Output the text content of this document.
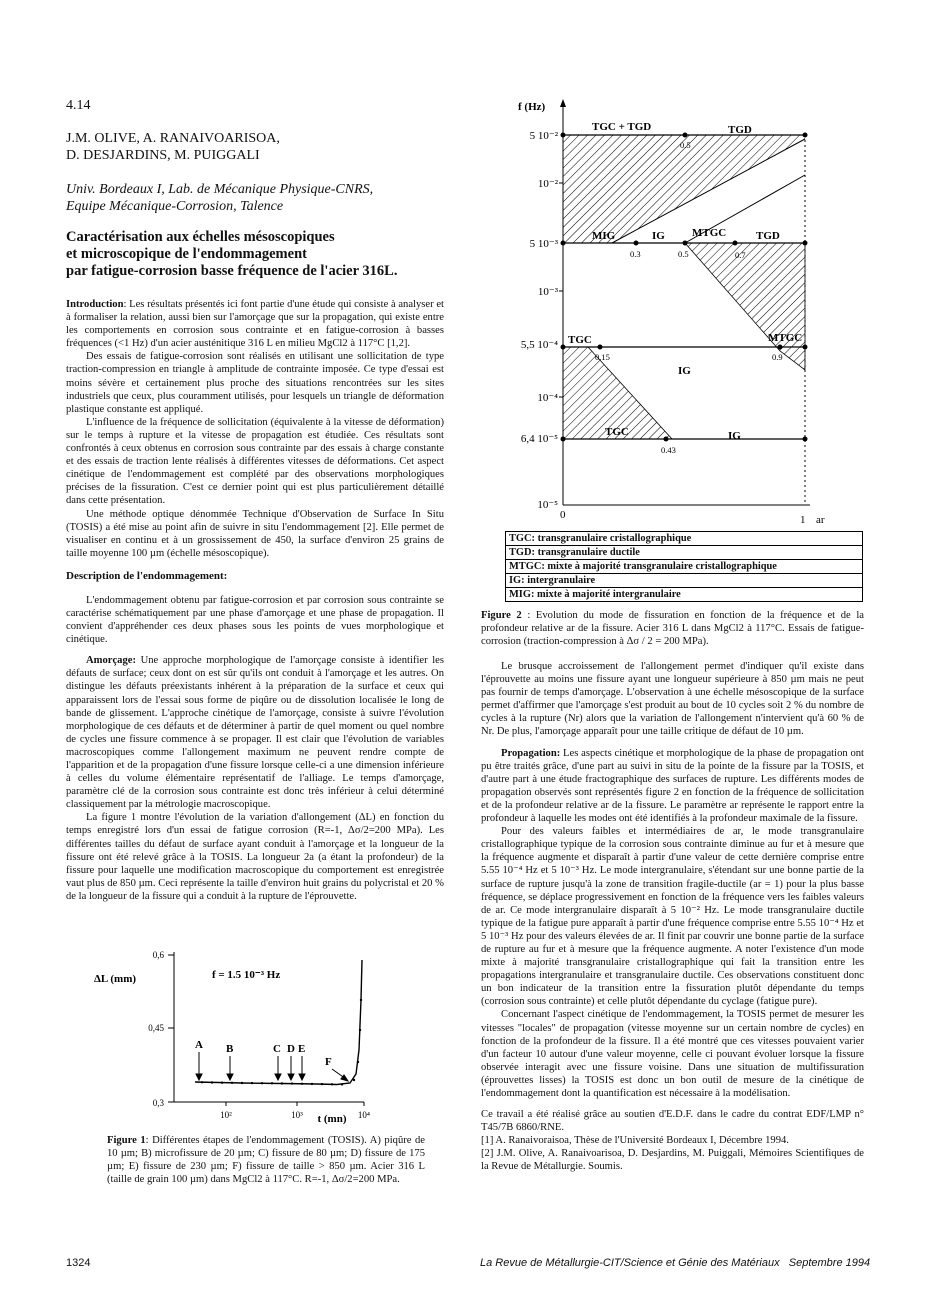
4.14
J.M. OLIVE, A. RANAIVOARISOA,
D. DESJARDINS, M. PUIGGALI
Univ. Bordeaux I, Lab. de Mécanique Physique-CNRS,
Equipe Mécanique-Corrosion, Talence
Caractérisation aux échelles mésoscopiques
et microscopique de l'endommagement
par fatigue-corrosion basse fréquence de l'acier 316L.

Introduction: Les résultats présentés ici font partie d'une étude qui consiste à analyser et à formaliser la relation, aussi bien sur l'amorçage que sur la propagation, qui existe entre les comportements en corrosion sous contrainte et en fatigue-corrosion à basses fréquences (<1 Hz) d'un acier austénitique 316 L en milieu MgCl2 à 117°C [1,2].

Des essais de fatigue-corrosion sont réalisés en utilisant une sollicitation de type traction-compression en triangle à amplitude de contrainte imposée. Ce type d'essai est moins sévère et certainement plus proche des situations rencontrées sur les sites industriels que ceux, plus couramment utilisés, pour lesquels un triangle de déformation plastique constante est appliqué.

L'influence de la fréquence de sollicitation (équivalente à la vitesse de déformation) sur le temps à rupture et la vitesse de propagation est étudiée. Ces résultats sont confrontés à ceux obtenus en corrosion sous contrainte par des essais à charge constante et des essais de traction lente réalisés à différentes vitesses de déformations. Cet aspect cinétique de l'endommagement est complété par des observations morphologiques précises de la fissuration. C'est ce dernier point qui est plus particulièrement détaillé dans cette présentation.

Une méthode optique dénommée Technique d'Observation de Surface In Situ (TOSIS) a été mise au point afin de suivre in situ l'endommagement [2]. Elle permet de visualiser en continu et à un grossissement de 450, la surface d'environ 25 grains de taille moyenne 100 µm (échelle mésoscopique).

Description de l'endommagement:

L'endommagement obtenu par fatigue-corrosion et par corrosion sous contrainte se caractérise schématiquement par une phase d'amorçage et une phase de propagation. Il convient d'appréhender ces deux phases sous les points de vues morphologique et cinétique.

Amorçage: Une approche morphologique de l'amorçage consiste à identifier les défauts de surface; ceux dont on est sûr qu'ils ont conduit à l'amorçage et les autres. On distingue les défauts préexistants inhérent à la préparation de la surface et ceux qui apparaissent lors de l'essai sous forme de piqûre ou de dissolution localisée le long de bande de glissement. L'approche cinétique de l'amorçage, consiste à suivre l'évolution morphologique de ces défauts et de déterminer à partir de quel moment ou quel nombre de cycles une fissure commence à se propager. Il est clair que l'évolution de variables macroscopiques comme l'allongement maximum ne peuvent rendre compte de l'apparition et de la propagation d'une fissure lorsque celle-ci a une dimension inférieure à celles du volume élémentaire représentatif de l'alliage. Le temps d'amorçage, paramètre clé de la corrosion sous contrainte est donc très inférieur à celui déterminé classiquement par la métrologie macroscopique.

La figure 1 montre l'évolution de la variation d'allongement (ΔL) en fonction du temps enregistré lors d'un essai de fatigue corrosion (R=-1, Δσ/2=200 MPa). Les différentes tailles du défaut de surface ayant conduit à l'amorçage et la longueur de la fissure ont été relevé grâce à la TOSIS. La longueur 2a (a étant la profondeur) de la fissure pour laquelle une modification macroscopique du comportement est enregistrée vaut plus de 850 µm. Ceci représente la taille d'environ huit grains du polycristal et 20 % de la longueur de la fissure qui a conduit à la rupture de l'éprouvette.

0,6
0,45
0,3
ΔL (mm)	f = 1.5 10⁻³ Hz
10²	10³	10⁴
t (mn)
A B	C D E
F
Figure 1: Différentes étapes de l'endommagement (TOSIS). A) piqûre de 10 µm; B) microfissure de 20 µm; C) fissure de 80 µm; D) fissure de 175 µm; E) fissure de 230 µm; F) fissure de taille > 850 µm. Acier 316 L (taille de grain 100 µm) dans MgCl2 à 117°C. R=-1, Δσ/2=200 MPa.
f (Hz)
5 10⁻²
10⁻²
5 10⁻³
10⁻³
5,5 10⁻⁴
10⁻⁴
6,4 10⁻⁵
10⁻⁵
TGC + TGD	TGD
MIG	IG MTGC	TGD
TGC
IG
MTGC
TGC	IG
0.5
0.3	0.5	0.7
0.15	0.9
0.43
0	1 ar
TGC: transgranulaire cristallographique
TGD: transgranulaire ductile
MTGC: mixte à majorité transgranulaire cristallographique
IG: intergranulaire
MIG: mixte à majorité intergranulaire
Figure 2 : Evolution du mode de fissuration en fonction de la fréquence et de la profondeur relative ar de la fissure. Acier 316 L dans MgCl2 à 117°C. Essais de fatigue-corrosion (traction-compression à Δσ / 2 = 200 MPa).

Le brusque accroissement de l'allongement permet d'indiquer qu'il existe dans l'éprouvette au moins une fissure ayant une longueur supérieure à 850 µm mais ne peut pas fournir de temps d'amorçage. L'observation à une échelle mésoscopique de la surface permet d'affirmer que l'amorçage s'est produit au bout de 10 cycles soit 2 % du nombre de cycles à la rupture (Nr) alors que la variation de l'allongement n'intervient qu'à 60 % de Nr. De plus, l'amorçage apparaît pour une taille critique de défaut de 10 µm.

Propagation: Les aspects cinétique et morphologique de la phase de propagation ont pu être traités grâce, d'une part au suivi in situ de la pointe de la fissure par la TOSIS, et d'autre part à une étude fractographique des surfaces de rupture. Les différents modes de propagation observés sont représentés figure 2 en fonction de la fréquence de sollicitation et de la profondeur relative ar de la fissure. Le paramètre ar représente le rapport entre la profondeur à laquelle les modes ont été identifiés à la profondeur maximale de la fissure.

Pour des valeurs faibles et intermédiaires de ar, le mode transgranulaire cristallographique typique de la corrosion sous contrainte diminue au fur et à mesure que la fréquence augmente et disparaît à partir d'une valeur de cette dernière comprise entre 5.55 10⁻⁴ Hz et 5 10⁻³ Hz. Le mode intergranulaire, s'étendant sur une bonne partie de la surface de rupture jusqu'à la zone de transition fragile-ductile (ar = 1) pour la plus basse fréquence, se déplace progressivement en fonction de la fréquence vers les faibles valeurs de ar. Ce mode intergranulaire disparaît à 5 10⁻² Hz. Le mode transgranulaire ductile typique de la fatigue pure apparaît à partir d'une fréquence comprise entre 5.55 10⁻⁴ Hz et 5 10⁻³ Hz pour des valeurs élevées de ar. Il finit par couvrir une bonne partie de la surface de rupture au fur et à mesure que la fréquence augmente. A noter l'existence d'un mode mixte à majorité transgranulaire cristallographique qui fait la transition entre les propagations intergranulaire et transgranulaire ductile. Ces observations constituent donc un bon indicateur de la transition entre la fissuration plutôt dépendante du temps (corrosion sous contrainte) et celle plutôt dépendante du cyclage (fatigue pure).

Concernant l'aspect cinétique de l'endommagement, la TOSIS permet de mesurer les vitesses "locales" de propagation (vitesse moyenne sur un certain nombre de cycles) en fonction de la profondeur de la fissure. Il a été montré que ces vitesses pouvaient varier d'un facteur 10 autour d'une valeur moyenne, celle ci pouvant évoluer lorsque la fissure observée interagit avec une fissure voisine. Dans une situation de multifissuration (éprouvettes lisses) la TOSIS est donc un bon outil de mesure de la cinétique de l'endommagement dont la quantification est nécessaire à la modélisation.

Ce travail a été réalisé grâce au soutien d'E.D.F. dans le cadre du contrat EDF/LMP n° T45/7B 6860/RNE.

[1] A. Ranaivoraisoa, Thèse de l'Université Bordeaux I, Décembre 1994.

[2] J.M. Olive, A. Ranaivoarisoa, D. Desjardins, M. Puiggali, Mémoires Scientifiques de la Revue de Métallurgie. Soumis.

1324	La Revue de Métallurgie-CIT/Science et Génie des Matériaux   Septembre 1994
